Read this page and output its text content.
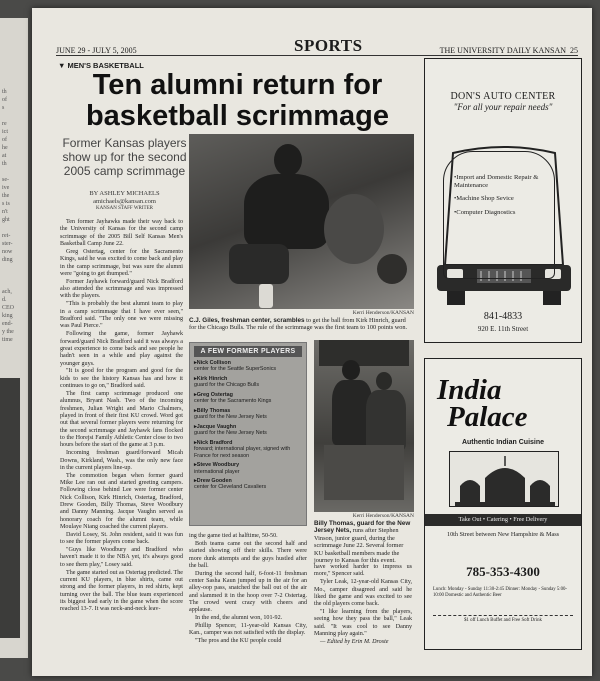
th
of
s

re
ict
of
he
at
th

se-
ive
the
s is
n't
ght

ret-
ster-
now
ding
ach,
d.
CEO
king
end-
y the
time
JUNE 29 - JULY 5, 2005	SPORTS	THE UNIVERSITY DAILY KANSAN 25
▼ MEN'S BASKETBALL
Ten alumni return for basketball scrimmage
Former Kansas players show up for the second 2005 camp scrimmage
BY ASHLEY MICHAELS
amichaels@kansan.com
KANSAN STAFF WRITER

Ten former Jayhawks made their way back to the University of Kansas for the second camp scrimmage of the 2005 Bill Self Kansas Men's Basketball Camp June 22.

Greg Ostertag, center for the Sacramento Kings, said he was excited to come back and play in the camp scrimmage, but was sure the alumni were "going to get thumped."

Former Jayhawk forward/guard Nick Bradford also attended the scrimmage and was impressed with the players.

"This is probably the best alumni team to play in a camp scrimmage that I have ever seen," Bradford said. "The only one we were missing was Paul Pierce."

Following the game, former Jayhawk forward/guard Nick Bradford said it was always a great experience to come back and see people he hadn't seen in a while and play against the younger guys.

"It is good for the program and good for the kids to see the history Kansas has and how it continues to go on," Bradford said.

The first camp scrimmage produced one alumnus, Bryant Nash. Two of the incoming freshmen, Julian Wright and Mario Chalmers, played in front of their first KU crowd. Word got out that several former players were returning for the second scrimmage and Jayhawk fans flocked to the Horejsi Family Athletic Center close to two hours before the start of the game at 3 p.m.

Incoming freshman guard/forward Micah Downs, Kirkland, Wash., was the only new face in the current players line-up.

The commotion began when former guard Mike Lee ran out and started greeting campers. Following close behind Lee were former center Nick Collison, Kirk Hinrich, Ostertag, Bradford, Drew Gooden, Billy Thomas, Steve Woodbury and Danny Manning. Jacque Vaughn served as honorary coach for the alumni team, while Moulaye Niang coached the current players.

David Losey, St. John resident, said it was fun to see the former players come back.

"Guys like Woodbury and Bradford who haven't made it to the NBA yet, it's always good to see them play," Losey said.

The game started out as Ostertag predicted. The current KU players, in blue shirts, came out strong and the former players, in red shirts, kept turning over the ball. The blue team experienced its biggest lead early in the game when the score reached 13-7. It was neck-and-neck leav-

Kerri Henderson/KANSAN
C.J. Giles, freshman center, scrambles to get the ball from Kirk Hinrich, guard for the Chicago Bulls. The rule of the scrimmage was the first team to 100 points won.
A FEW FORMER PLAYERS
▸ Nick Collison
center for the Seattle SuperSonics
▸ Kirk Hinrich
guard for the Chicago Bulls
▸ Greg Ostertag
center for the Sacramento Kings
▸ Billy Thomas
guard for the New Jersey Nets
▸ Jacque Vaughn
guard for the New Jersey Nets
▸ Nick Bradford
forward; international player, signed with France for next season
▸ Steve Woodbury
international player
▸ Drew Gooden
center for Cleveland Cavaliers
Kerri Henderson/KANSAN
Billy Thomas, guard for the New Jersey Nets, runs after Stephen Vinson, junior guard, during the scrimmage June 22. Several former KU basketball members made the journey to Kansas for this event.

ing the game tied at halftime, 50-50.

Both teams came out the second half and started showing off their skills. There were more dunk attempts and the guys hustled after the ball.

During the second half, 6-foot-11 freshman center Sasha Kaun jumped up in the air for an alley-oop pass, snatched the ball out of the air and slammed it in the hoop over 7-2 Ostertag. The crowd went crazy with cheers and applause.

In the end, the alumni won, 101-92.

Phillip Spencer, 11-year-old Kansas City, Kan., camper was not satisfied with the display.

"The pros and the KU people could

have worked harder to impress us more," Spencer said.

Tyler Leak, 12-year-old Kansas City, Mo., camper disagreed and said he liked the game and was excited to see the old players come back.

"I like learning from the players, seeing how they pass the ball," Leak said. "It was cool to see Danny Manning play again."

— Edited by Erin M. Droste

DON'S AUTO CENTER
"For all your repair needs"
•Import and Domestic Repair & Maintenance
•Machine Shop Sevice
•Computer Diagnostics
841-4833
920 E. 11th Street
India
Palace
Authentic Indian Cuisine
Take Out • Catering • Free Delivery
10th Street between New Hampshire & Mass
785-353-4300
Lunch: Monday - Sunday 11:30-2:45 Dinner: Monday - Sunday 5:00-10:00 Domestic and Authentic Beer
$1 off Lunch Buffet and Free Soft Drink
